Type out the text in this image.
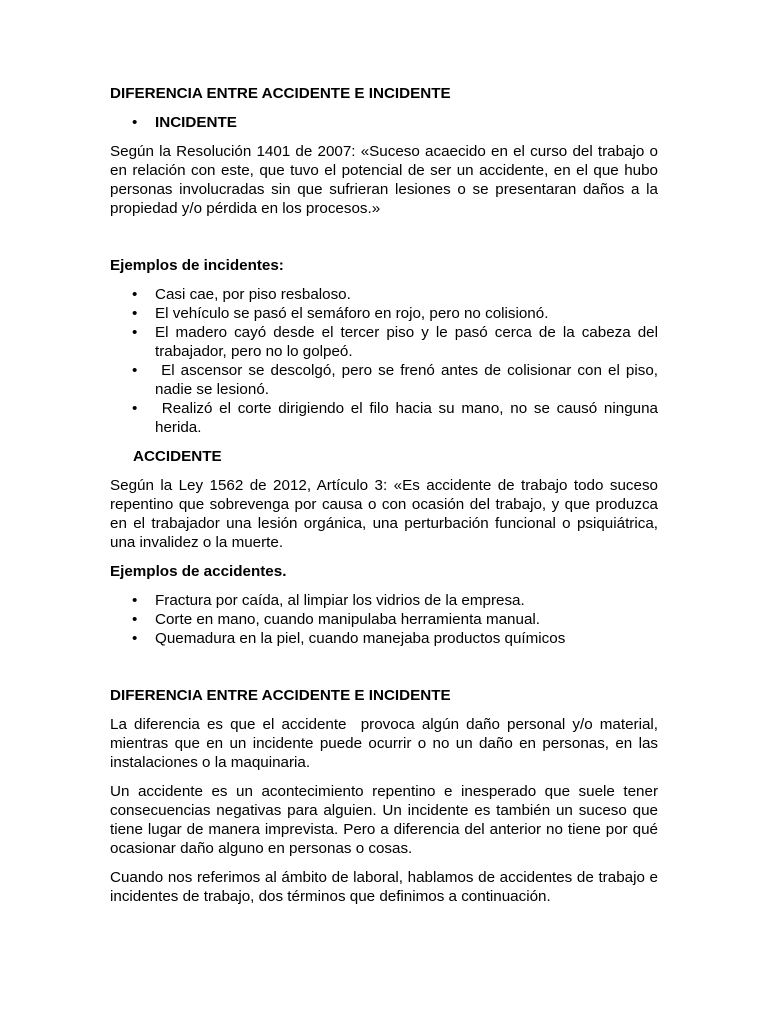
DIFERENCIA ENTRE ACCIDENTE E INCIDENTE
• INCIDENTE

Según la Resolución 1401 de 2007: «Suceso acaecido en el curso del trabajo o en relación con este, que tuvo el potencial de ser un accidente, en el que hubo personas involucradas sin que sufrieran lesiones o se presentaran daños a la propiedad y/o pérdida en los procesos.»

Ejemplos de incidentes:
• Casi cae, por piso resbaloso.
• El vehículo se pasó el semáforo en rojo, pero no colisionó.
• El madero cayó desde el tercer piso y le pasó cerca de la cabeza del trabajador, pero no lo golpeó.
• El ascensor se descolgó, pero se frenó antes de colisionar con el piso, nadie se lesionó.
• Realizó el corte dirigiendo el filo hacia su mano, no se causó ninguna herida.
ACCIDENTE

Según la Ley 1562 de 2012, Artículo 3: «Es accidente de trabajo todo suceso repentino que sobrevenga por causa o con ocasión del trabajo, y que produzca en el trabajador una lesión orgánica, una perturbación funcional o psiquiátrica, una invalidez o la muerte.

Ejemplos de accidentes.
• Fractura por caída, al limpiar los vidrios de la empresa.
• Corte en mano, cuando manipulaba herramienta manual.
• Quemadura en la piel, cuando manejaba productos químicos
DIFERENCIA ENTRE ACCIDENTE E INCIDENTE

La diferencia es que el accidente  provoca algún daño personal y/o material, mientras que en un incidente puede ocurrir o no un daño en personas, en las instalaciones o la maquinaria.

Un accidente es un acontecimiento repentino e inesperado que suele tener consecuencias negativas para alguien. Un incidente es también un suceso que tiene lugar de manera imprevista. Pero a diferencia del anterior no tiene por qué ocasionar daño alguno en personas o cosas.

Cuando nos referimos al ámbito de laboral, hablamos de accidentes de trabajo e incidentes de trabajo, dos términos que definimos a continuación.
